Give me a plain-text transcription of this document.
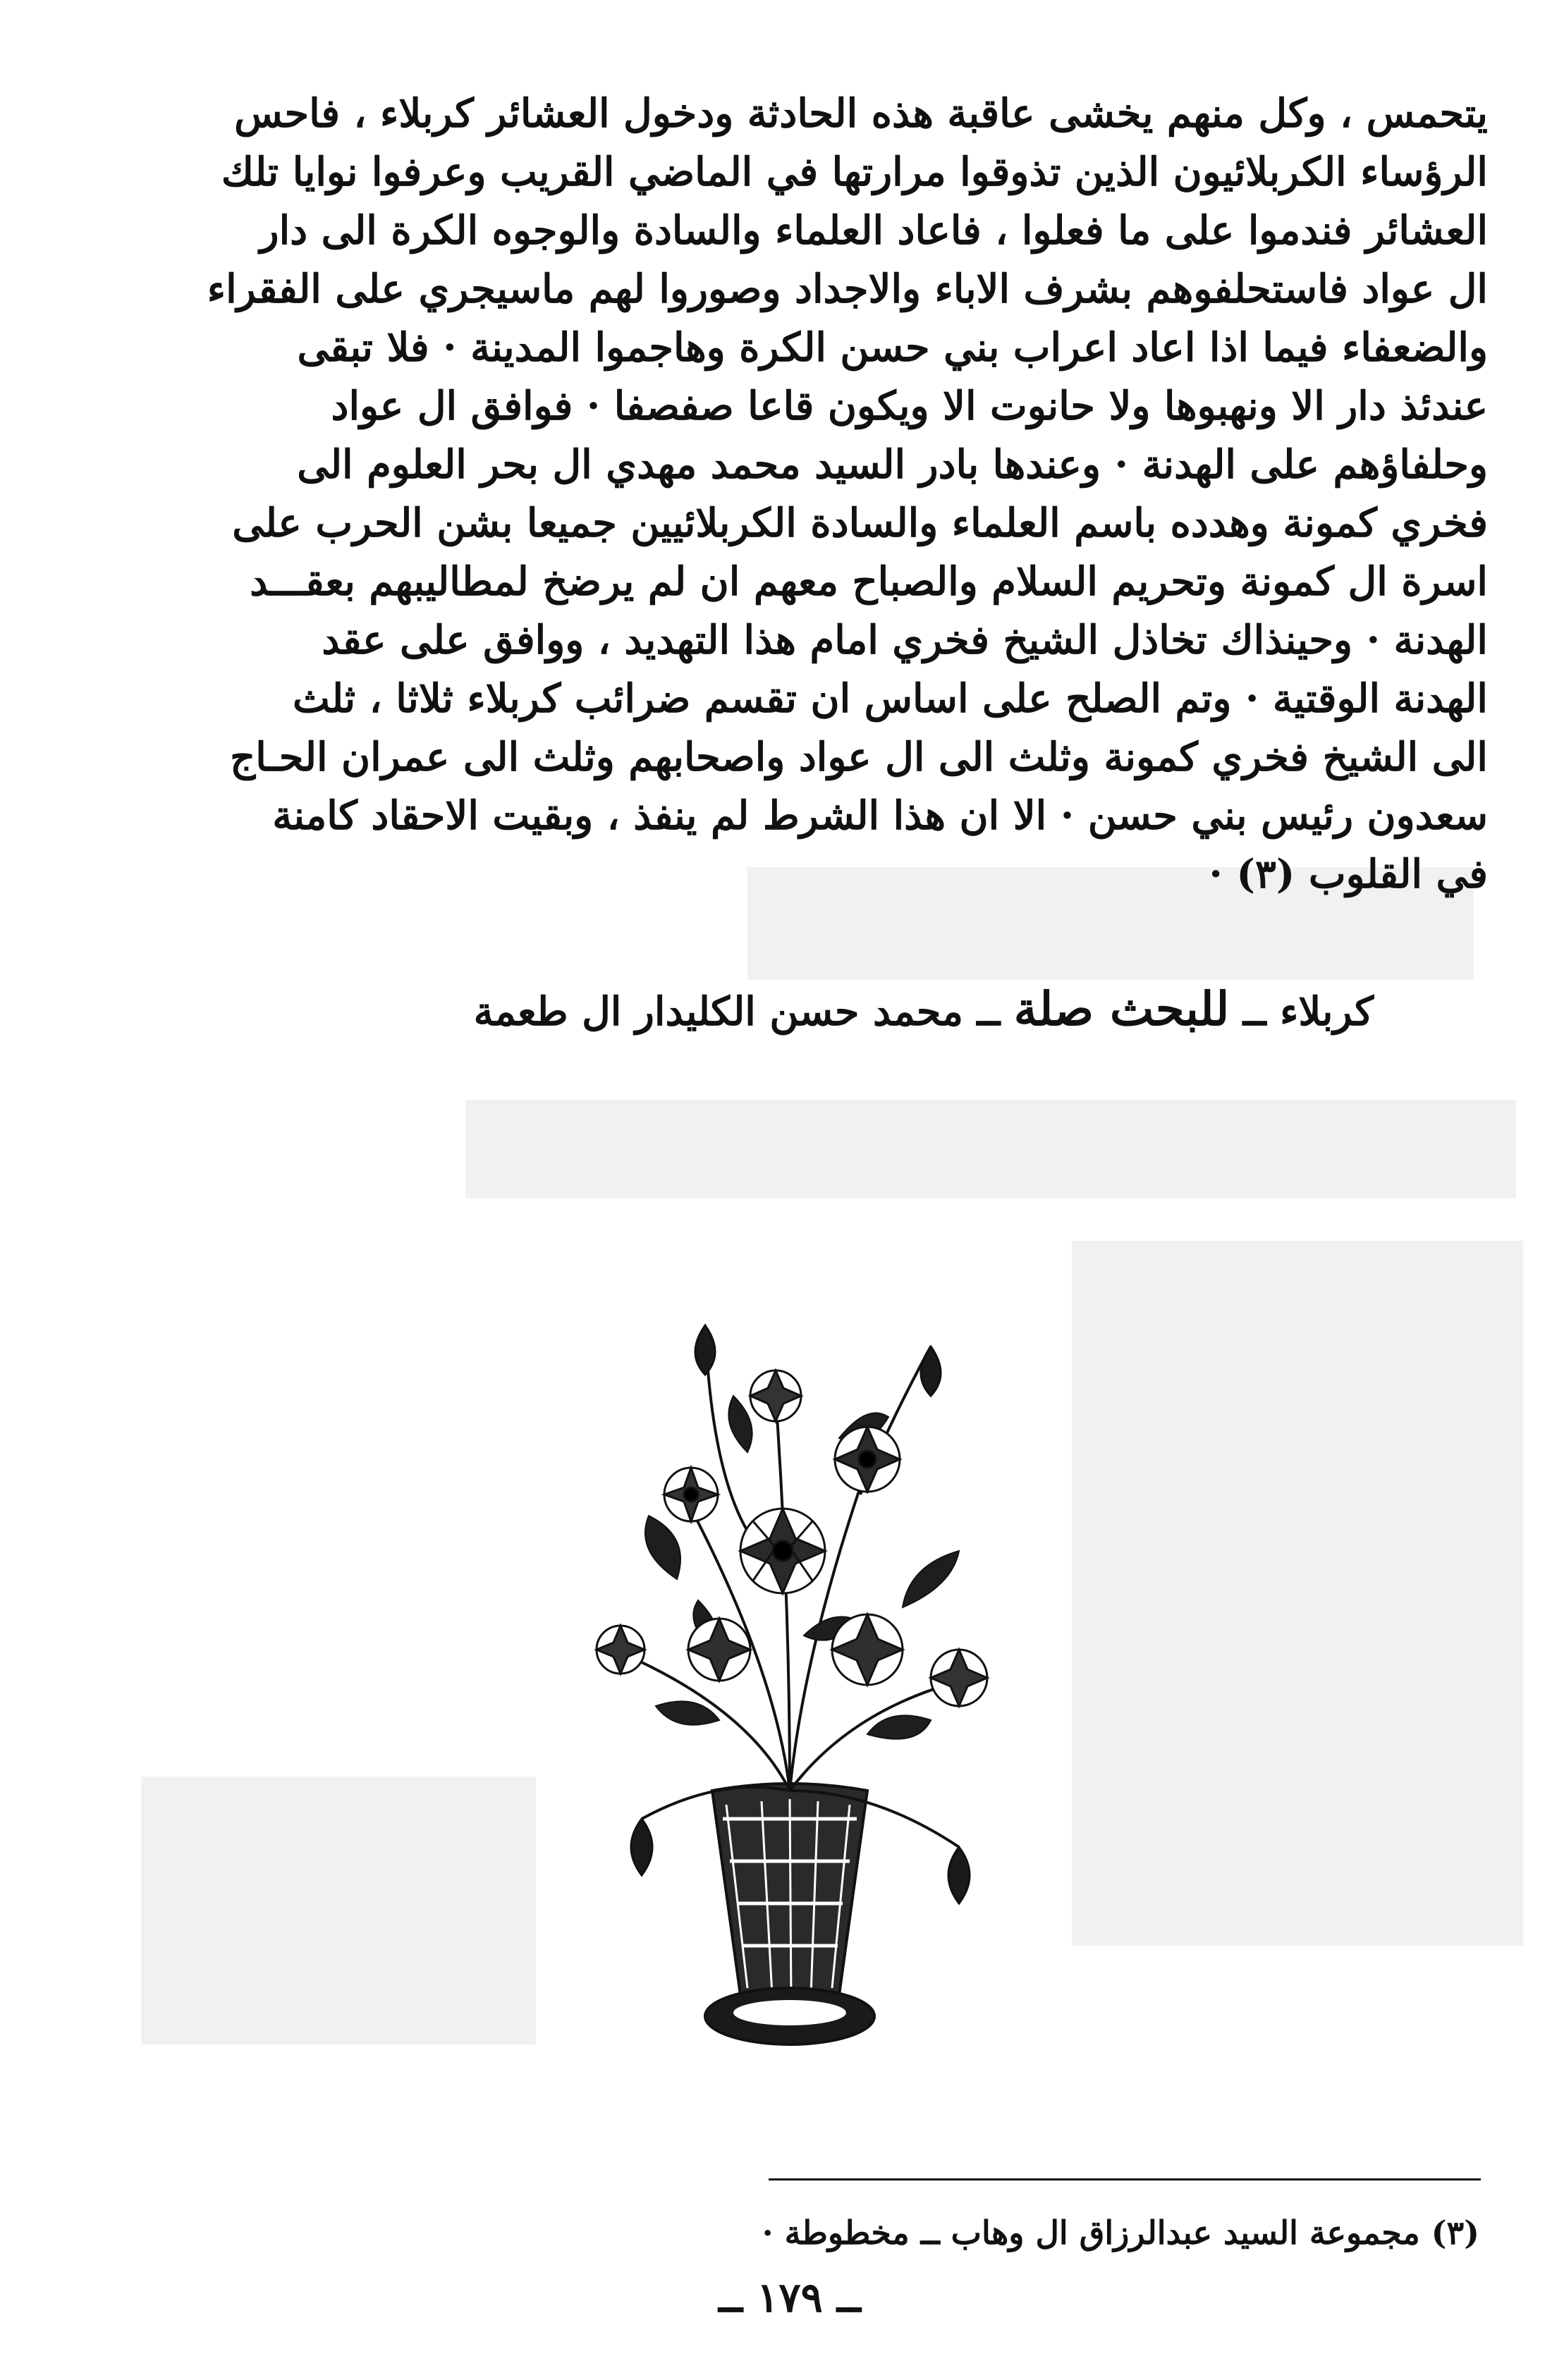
يتحمس ، وكل منهم يخشى عاقبة هذه الحادثة ودخول العشائر كربلاء ، فاحس
الرؤساء الكربلائيون الذين تذوقوا مرارتها في الماضي القريب وعرفوا نوايا تلك
العشائر فندموا على ما فعلوا ، فاعاد العلماء والسادة والوجوه الكرة الى دار
ال عواد فاستحلفوهم بشرف الاباء والاجداد وصوروا لهم ماسيجري على الفقراء
والضعفاء فيما اذا اعاد اعراب بني حسن الكرة وهاجموا المدينة · فلا تبقى
عندئذ دار الا ونهبوها ولا حانوت الا ويكون قاعا صفصفا · فوافق ال عواد
وحلفاؤهم على الهدنة · وعندها بادر السيد محمد مهدي ال بحر العلوم الى
فخري كمونة وهدده باسم العلماء والسادة الكربلائيين جميعا بشن الحرب على
اسرة ال كمونة وتحريم السلام والصباح معهم ان لم يرضخ لمطاليبهم بعقـــد
الهدنة · وحينذاك تخاذل الشيخ فخري امام هذا التهديد ، ووافق على عقد
الهدنة الوقتية · وتم الصلح على اساس ان تقسم ضرائب كربلاء ثلاثا ، ثلث
الى الشيخ فخري كمونة وثلث الى ال عواد واصحابهم وثلث الى عمران الحـاج
سعدون رئيس بني حسن · الا ان هذا الشرط لم ينفذ ، وبقيت الاحقاد كامنة
في القلوب (٣) ·
كربلاء ــ للبحث صلة ــ محمد حسن الكليدار ال طعمة
(٣) مجموعة السيد عبدالرزاق ال وهاب ــ مخطوطة ·
ــ ١٧٩ ــ
